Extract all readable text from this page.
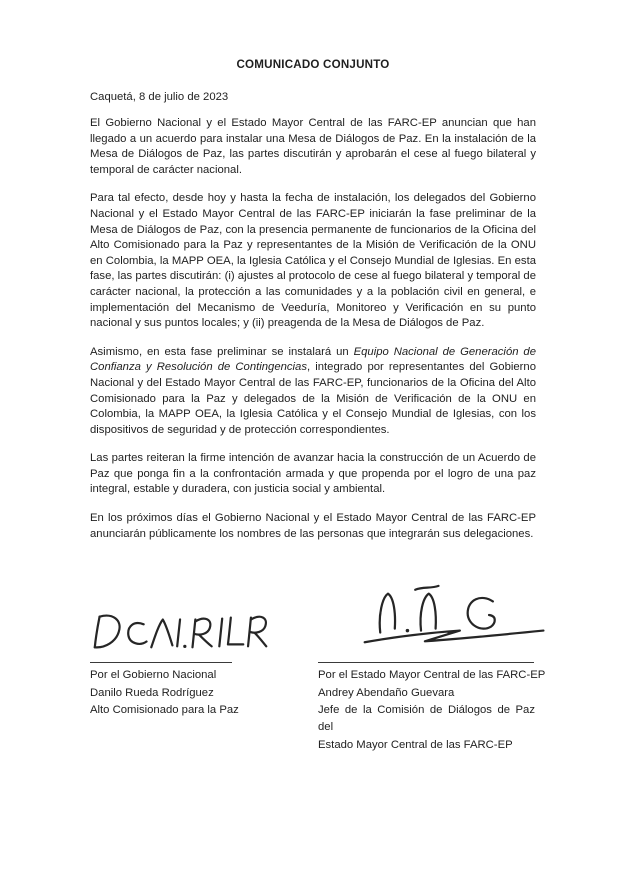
COMUNICADO CONJUNTO
Caquetá, 8 de julio de 2023

El Gobierno Nacional y el Estado Mayor Central de las FARC-EP anuncian que han llegado a un acuerdo para instalar una Mesa de Diálogos de Paz. En la instalación de la Mesa de Diálogos de Paz, las partes discutirán y aprobarán el cese al fuego bilateral y temporal de carácter nacional.

Para tal efecto, desde hoy y hasta la fecha de instalación, los delegados del Gobierno Nacional y el Estado Mayor Central de las FARC-EP iniciarán la fase preliminar de la Mesa de Diálogos de Paz, con la presencia permanente de funcionarios de la Oficina del Alto Comisionado para la Paz y representantes de la Misión de Verificación de la ONU en Colombia, la MAPP OEA, la Iglesia Católica y el Consejo Mundial de Iglesias. En esta fase, las partes discutirán: (i) ajustes al protocolo de cese al fuego bilateral y temporal de carácter nacional, la protección a las comunidades y a la población civil en general, e implementación del Mecanismo de Veeduría, Monitoreo y Verificación en su punto nacional y sus puntos locales; y (ii) preagenda de la Mesa de Diálogos de Paz.

Asimismo, en esta fase preliminar se instalará un Equipo Nacional de Generación de Confianza y Resolución de Contingencias, integrado por representantes del Gobierno Nacional y del Estado Mayor Central de las FARC-EP, funcionarios de la Oficina del Alto Comisionado para la Paz y delegados de la Misión de Verificación de la ONU en Colombia, la MAPP OEA, la Iglesia Católica y el Consejo Mundial de Iglesias, con los dispositivos de seguridad y de protección correspondientes.

Las partes reiteran la firme intención de avanzar hacia la construcción de un Acuerdo de Paz que ponga fin a la confrontación armada y que propenda por el logro de una paz integral, estable y duradera, con justicia social y ambiental.

En los próximos días el Gobierno Nacional y el Estado Mayor Central de las FARC-EP anunciarán públicamente los nombres de las personas que integrarán sus delegaciones.

Por el Gobierno Nacional
Danilo Rueda Rodríguez
Alto Comisionado para la Paz
Por el Estado Mayor Central de las FARC-EP
Andrey Abendaño Guevara
Jefe de la Comisión de Diálogos de Paz del
Estado Mayor Central de las FARC-EP
